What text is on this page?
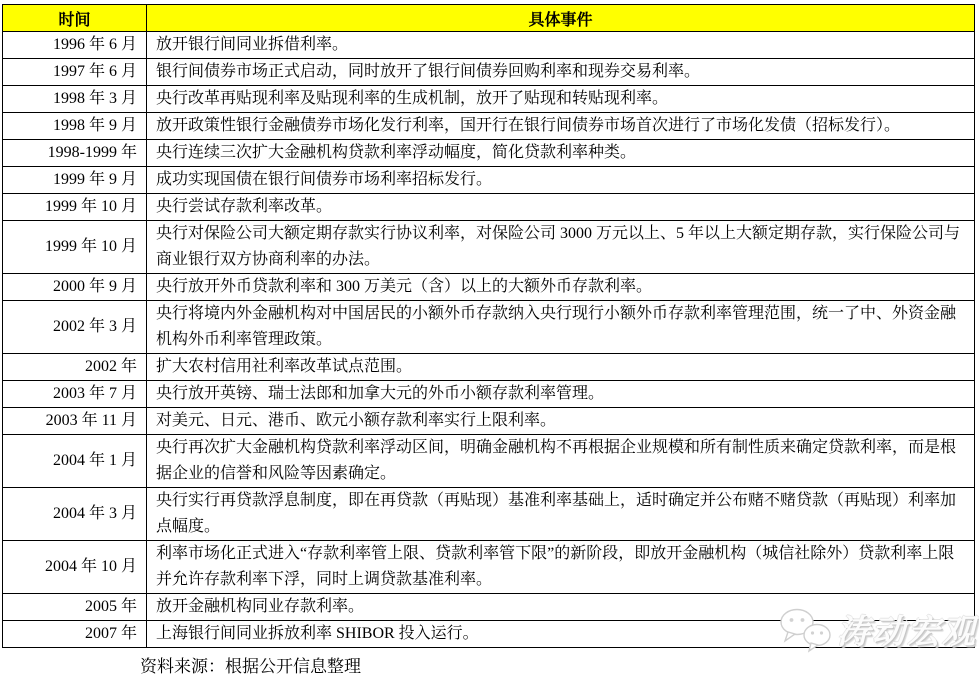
时间	具体事件
1996 年 6 月	放开银行间同业拆借利率。
1997 年 6 月	银行间债券市场正式启动，同时放开了银行间债券回购利率和现券交易利率。
1998 年 3 月	央行改革再贴现利率及贴现利率的生成机制，放开了贴现和转贴现利率。
1998 年 9 月	放开政策性银行金融债券市场化发行利率，国开行在银行间债券市场首次进行了市场化发债（招标发行）。
1998-1999 年	央行连续三次扩大金融机构贷款利率浮动幅度，简化贷款利率种类。
1999 年 9 月	成功实现国债在银行间债券市场利率招标发行。
1999 年 10 月	央行尝试存款利率改革。
1999 年 10 月	央行对保险公司大额定期存款实行协议利率，对保险公司 3000 万元以上、5 年以上大额定期存款，实行保险公司与商业银行双方协商利率的办法。
2000 年 9 月	央行放开外币贷款利率和 300 万美元（含）以上的大额外币存款利率。
2002 年 3 月	央行将境内外金融机构对中国居民的小额外币存款纳入央行现行小额外币存款利率管理范围，统一了中、外资金融机构外币利率管理政策。
2002 年	扩大农村信用社利率改革试点范围。
2003 年 7 月	央行放开英镑、瑞士法郎和加拿大元的外币小额存款利率管理。
2003 年 11 月	对美元、日元、港币、欧元小额存款利率实行上限利率。
2004 年 1 月	央行再次扩大金融机构贷款利率浮动区间，明确金融机构不再根据企业规模和所有制性质来确定贷款利率，而是根据企业的信誉和风险等因素确定。
2004 年 3 月	央行实行再贷款浮息制度，即在再贷款（再贴现）基准利率基础上，适时确定并公布赌不赌贷款（再贴现）利率加点幅度。
2004 年 10 月	利率市场化正式进入“存款利率管上限、贷款利率管下限”的新阶段，即放开金融机构（城信社除外）贷款利率上限并允许存款利率下浮，同时上调贷款基准利率。
2005 年	放开金融机构同业存款利率。
2007 年	上海银行间同业拆放利率 SHIBOR 投入运行。
资料来源：根据公开信息整理
涛动宏观
